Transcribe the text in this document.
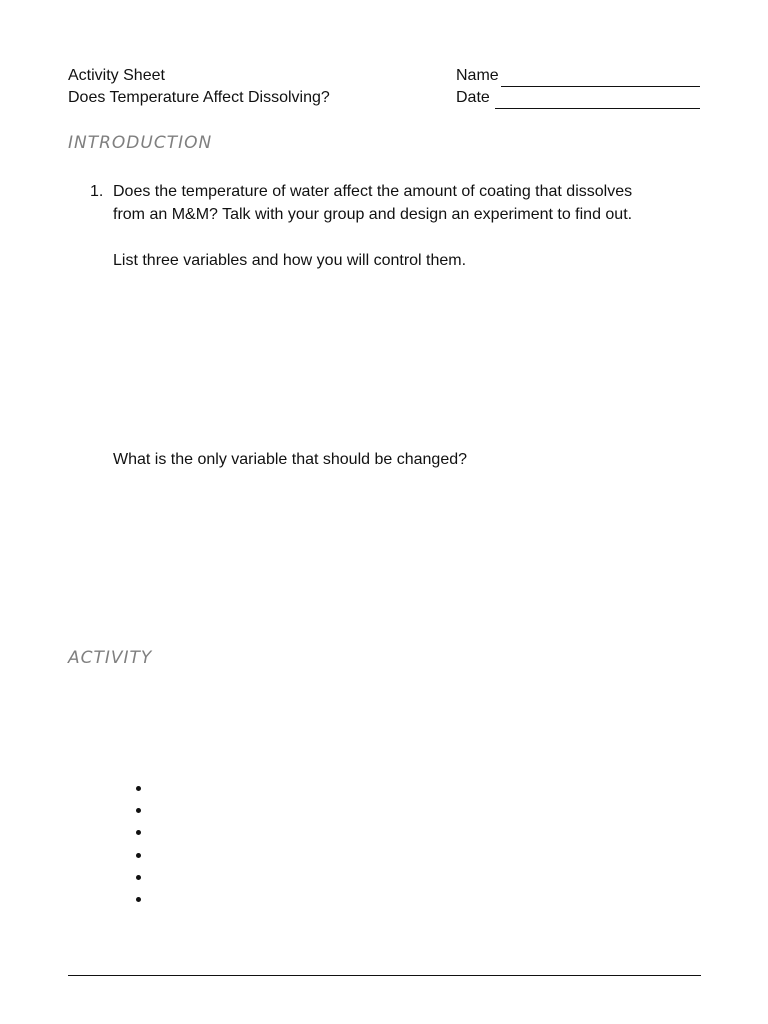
Activity Sheet
Does Temperature Affect Dissolving?
Name
Date
INTRODUCTION
1. Does the temperature of water affect the amount of coating that dissolves
from an M&M? Talk with your group and design an experiment to find out.
List three variables and how you will control them.
What is the only variable that should be changed?
ACTIVITY
